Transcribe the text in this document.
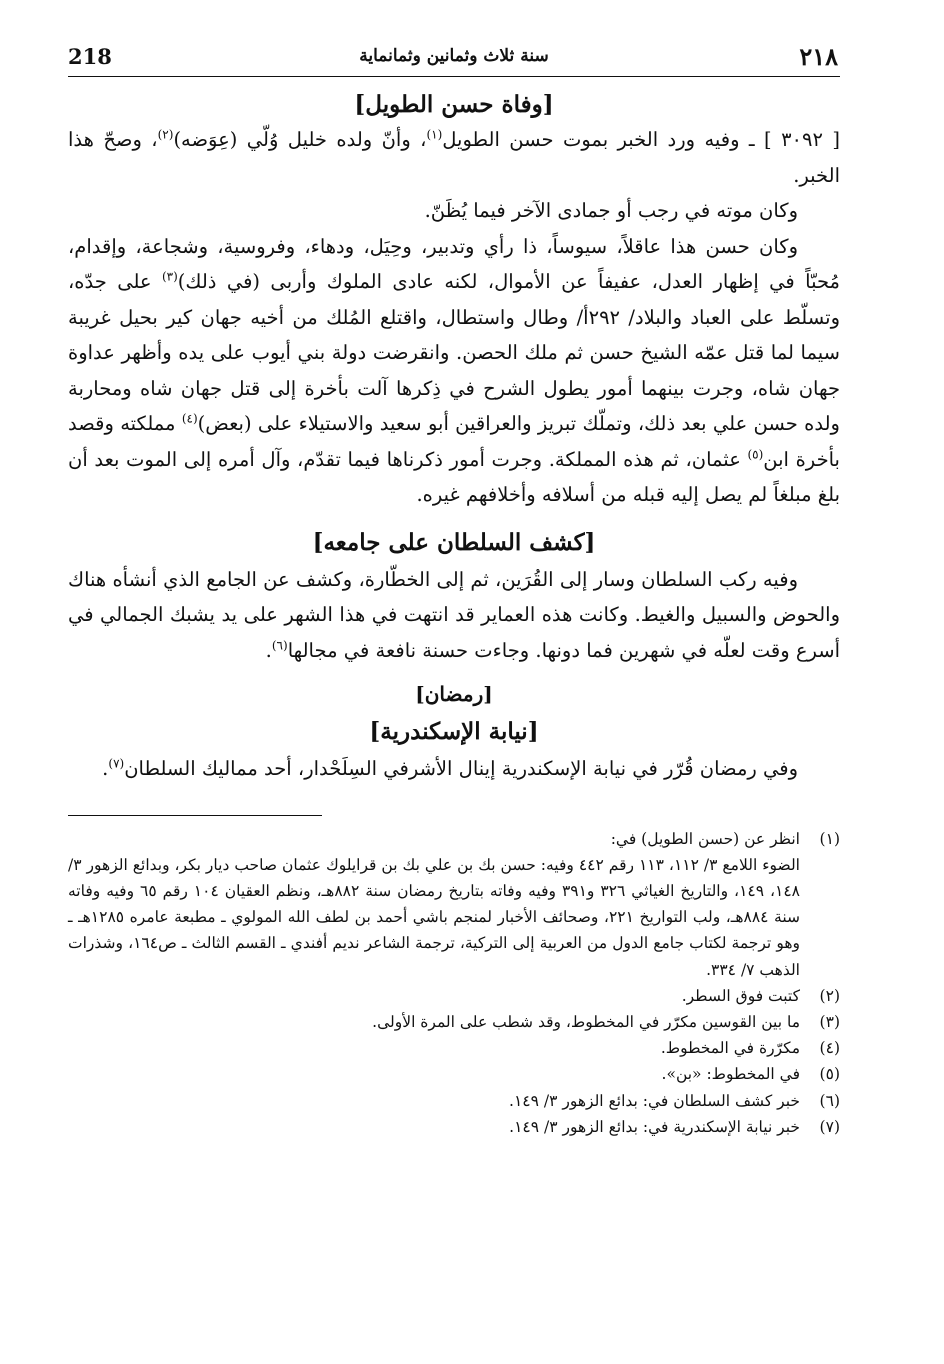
٢١٨
سنة ثلاث وثمانين وثمانماية
218

[وفاة حسن الطويل]

[ ٣٠٩٢ ] ـ وفيه ورد الخبر بموت حسن الطويل$^{(١)}$، وأنّ ولده خليل وُلّي (عِوَضه)$^{(٢)}$، وصحّ هذا الخبر.

وكان موته في رجب أو جمادى الآخر فيما يُظَنّ.

وكان حسن هذا عاقلاً، سيوساً، ذا رأي وتدبير، وحِيَل، ودهاء، وفروسية، وشجاعة، وإقدام، مُحبّاً في إظهار العدل، عفيفاً عن الأموال، لكنه عادى الملوك وأربى (في ذلك)$^{(٣)}$ على جدّه، وتسلّط على العباد والبلاد/ ٢٩٢أ/ وطال واستطال، واقتلع المُلك من أخيه جهان كير بحيل غريبة سيما لما قتل عمّه الشيخ حسن ثم ملك الحصن. وانقرضت دولة بني أيوب على يده وأظهر عداوة جهان شاه، وجرت بينهما أمور يطول الشرح في ذِكرها آلت بأخرة إلى قتل جهان شاه ومحاربة ولده حسن علي بعد ذلك، وتملّك تبريز والعراقين أبو سعيد والاستيلاء على (بعض)$^{(٤)}$ مملكته وقصد بأخرة ابن$^{(٥)}$ عثمان، ثم هذه المملكة. وجرت أمور ذكرناها فيما تقدّم، وآل أمره إلى الموت بعد أن بلغ مبلغاً لم يصل إليه قبله من أسلافه وأخلافهم غيره.

[كشف السلطان على جامعه]

وفيه ركب السلطان وسار إلى القُرَين، ثم إلى الخطّارة، وكشف عن الجامع الذي أنشأه هناك والحوض والسبيل والغيط. وكانت هذه العماير قد انتهت في هذا الشهر على يد يشبك الجمالي في أسرع وقت لعلّه في شهرين فما دونها. وجاءت حسنة نافعة في مجالها$^{(٦)}$.

[رمضان]

[نيابة الإسكندرية]

وفي رمضان قُرّر في نيابة الإسكندرية إينال الأشرفي السِلَحْدار، أحد مماليك السلطان$^{(٧)}$.

(١)
انظر عن (حسن الطويل) في:

الضوء اللامع ٣/ ١١٢، ١١٣ رقم ٤٤٢ وفيه: حسن بك بن علي بك بن قرايلوك عثمان صاحب ديار بكر، وبدائع الزهور ٣/ ١٤٨، ١٤٩، والتاريخ الغياثي ٣٢٦ و٣٩١ وفيه وفاته بتاريخ رمضان سنة ٨٨٢هـ، ونظم العقيان ١٠٤ رقم ٦٥ وفيه وفاته سنة ٨٨٤هـ، ولب التواريخ ٢٢١، وصحائف الأخبار لمنجم باشي أحمد بن لطف الله المولوي ـ مطبعة عامره ١٢٨٥هـ ـ وهو ترجمة لكتاب جامع الدول من العربية إلى التركية، ترجمة الشاعر نديم أفندي ـ القسم الثالث ـ ص١٦٤، وشذرات الذهب ٧/ ٣٣٤.

(٢)
كتبت فوق السطر.
(٣)
ما بين القوسين مكرّر في المخطوط، وقد شطب على المرة الأولى.
(٤)
مكرّرة في المخطوط.
(٥)
في المخطوط: «بن».
(٦)
خبر كشف السلطان في: بدائع الزهور ٣/ ١٤٩.
(٧)
خبر نيابة الإسكندرية في: بدائع الزهور ٣/ ١٤٩.
